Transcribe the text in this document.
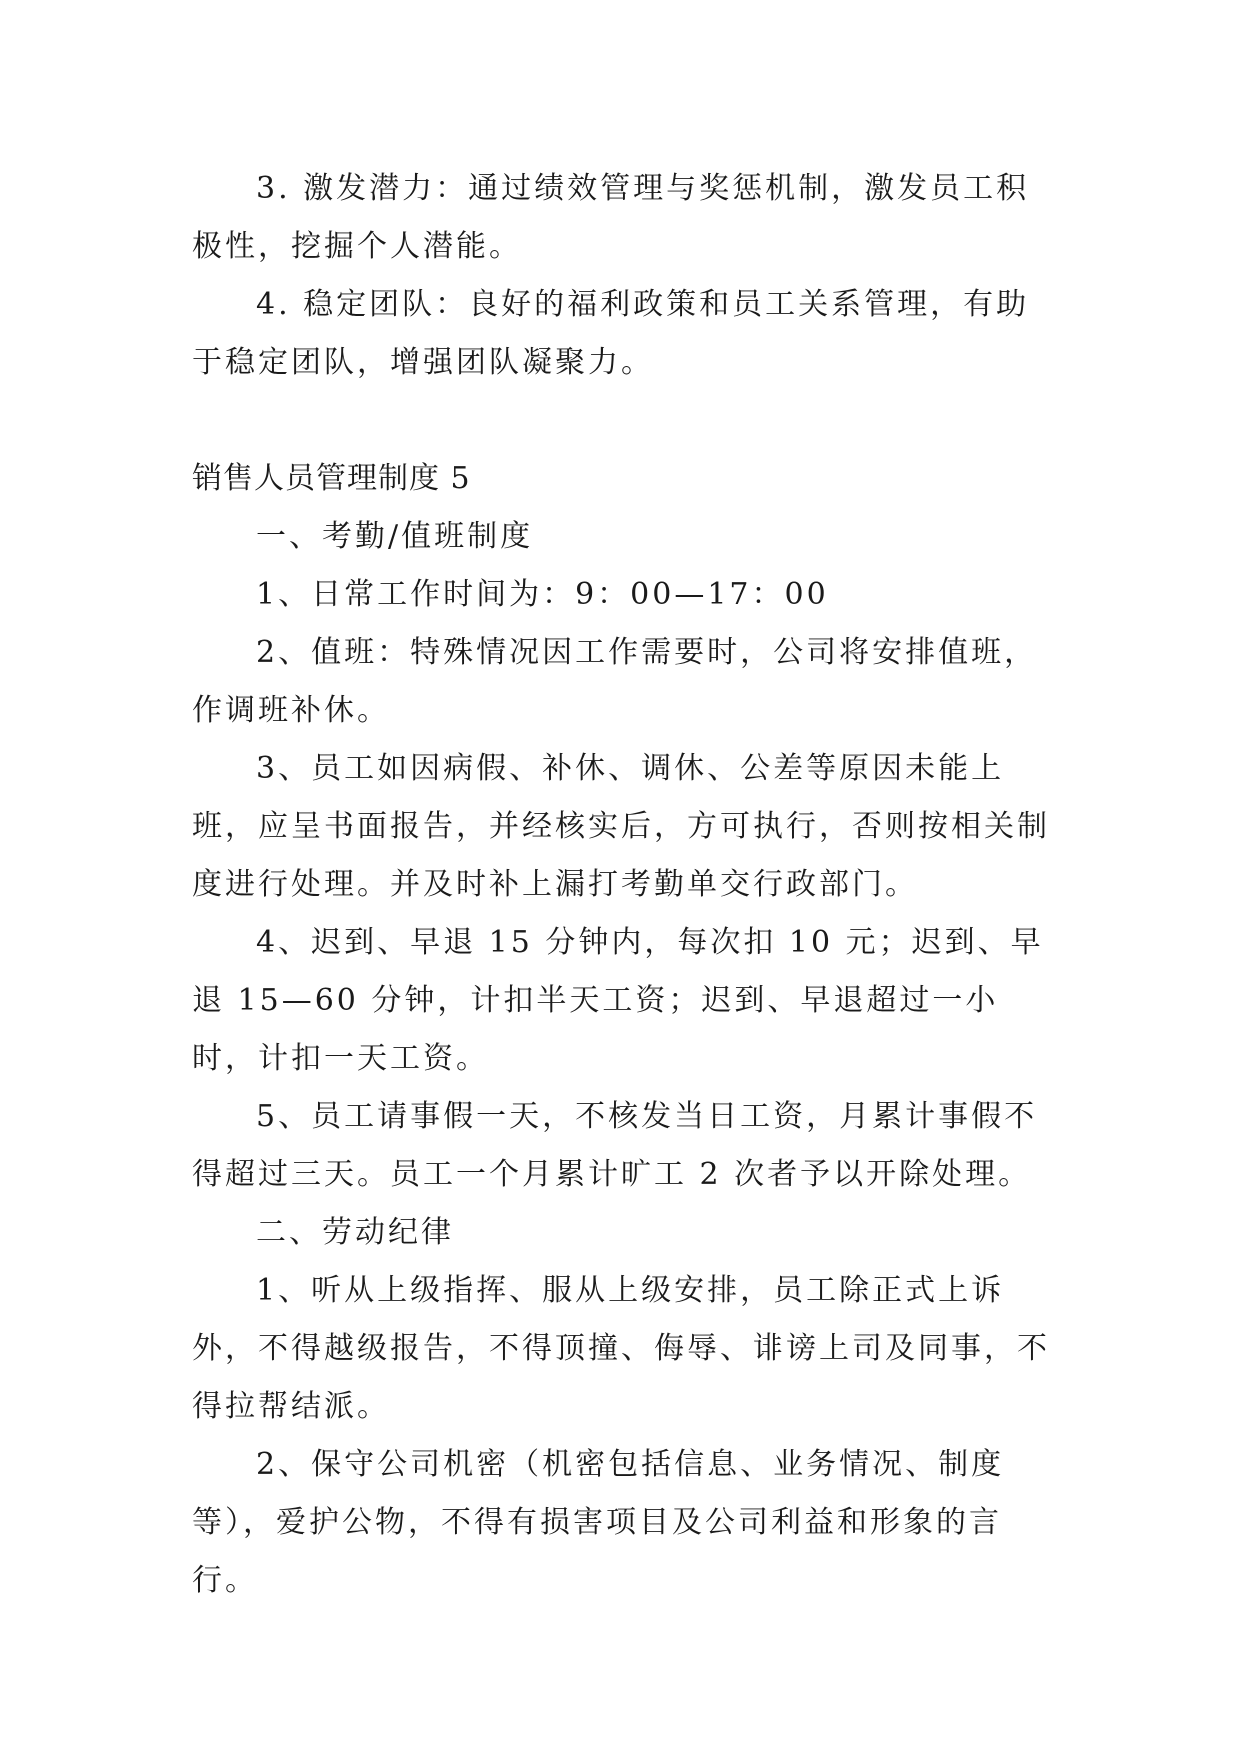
3. 激发潜力：通过绩效管理与奖惩机制，激发员工积极性，挖掘个人潜能。

4. 稳定团队：良好的福利政策和员工关系管理，有助于稳定团队，增强团队凝聚力。

销售人员管理制度 5

一、考勤/值班制度

1、日常工作时间为：9：00—17：00

2、值班：特殊情况因工作需要时，公司将安排值班，作调班补休。

3、员工如因病假、补休、调休、公差等原因未能上班，应呈书面报告，并经核实后，方可执行，否则按相关制度进行处理。并及时补上漏打考勤单交行政部门。

4、迟到、早退 15 分钟内，每次扣 10 元；迟到、早退 15—60 分钟，计扣半天工资；迟到、早退超过一小时，计扣一天工资。

5、员工请事假一天，不核发当日工资，月累计事假不得超过三天。员工一个月累计旷工 2 次者予以开除处理。

二、劳动纪律

1、听从上级指挥、服从上级安排，员工除正式上诉外，不得越级报告，不得顶撞、侮辱、诽谤上司及同事，不得拉帮结派。

2、保守公司机密（机密包括信息、业务情况、制度等），爱护公物，不得有损害项目及公司利益和形象的言行。
